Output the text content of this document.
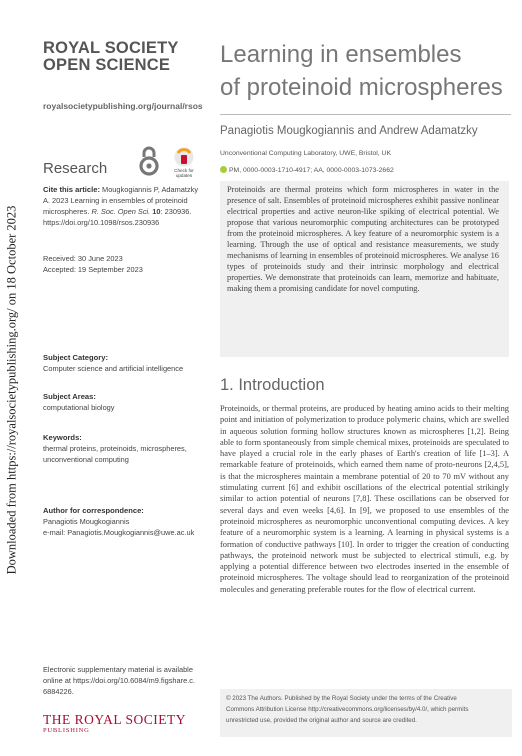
Downloaded from https://royalsocietypublishing.org/ on 18 October 2023
ROYAL SOCIETY
OPEN SCIENCE
royalsocietypublishing.org/journal/rsos
Research	Check for updates
Cite this article: Mougkogiannis P, Adamatzky A. 2023 Learning in ensembles of proteinoid microspheres. R. Soc. Open Sci. 10: 230936. https://doi.org/10.1098/rsos.230936
Received: 30 June 2023
Accepted: 19 September 2023
Subject Category:
Computer science and artificial intelligence
Subject Areas:
computational biology
Keywords:
thermal proteins, proteinoids, microspheres,
unconventional computing
Author for correspondence:
Panagiotis Mougkogiannis
e-mail: Panagiotis.Mougkogiannis@uwe.ac.uk
Electronic supplementary material is available
online at https://doi.org/10.6084/m9.figshare.c.
6884226.
THE ROYAL SOCIETY
PUBLISHING
Learning in ensembles
of proteinoid microspheres
Panagiotis Mougkogiannis and Andrew Adamatzky
Unconventional Computing Laboratory, UWE, Bristol, UK
PM, 0000-0003-1710-4917; AA, 0000-0003-1073-2662
Proteinoids are thermal proteins which form microspheres in water in the presence of salt. Ensembles of proteinoid microspheres exhibit passive nonlinear electrical properties and active neuron-like spiking of electrical potential. We propose that various neuromorphic computing architectures can be prototyped from the proteinoid microspheres. A key feature of a neuromorphic system is a learning. Through the use of optical and resistance measurements, we study mechanisms of learning in ensembles of proteinoid microspheres. We analyse 16 types of proteinoids study and their intrinsic morphology and electrical properties. We demonstrate that proteinoids can learn, memorize and habituate, making them a promising candidate for novel computing.
1. Introduction
Proteinoids, or thermal proteins, are produced by heating amino acids to their melting point and initiation of polymerization to produce polymeric chains, which are swelled in aqueous solution forming hollow structures known as microspheres [1,2]. Being able to form spontaneously from simple chemical mixes, proteinoids are speculated to have played a crucial role in the early phases of Earth's creation of life [1–3]. A remarkable feature of proteinoids, which earned them name of proto-neurons [2,4,5], is that the microspheres maintain a membrane potential of 20 to 70 mV without any stimulating current [6] and exhibit oscillations of the electrical potential strikingly similar to action potential of neurons [7,8]. These oscillations can be observed for several days and even weeks [4,6]. In [9], we proposed to use ensembles of the proteinoid microspheres as neuromorphic unconventional computing devices. A key feature of a neuromorphic system is a learning. A learning in physical systems is a formation of conductive pathways [10]. In order to trigger the creation of conducting pathways, the proteinoid network must be subjected to electrical stimuli, e.g. by applying a potential difference between two electrodes inserted in the ensemble of proteinoid microspheres. The voltage should lead to reorganization of the proteinoid molecules and generating preferable routes for the flow of electrical current.
© 2023 The Authors. Published by the Royal Society under the terms of the Creative
Commons Attribution License http://creativecommons.org/licenses/by/4.0/, which permits
unrestricted use, provided the original author and source are credited.
